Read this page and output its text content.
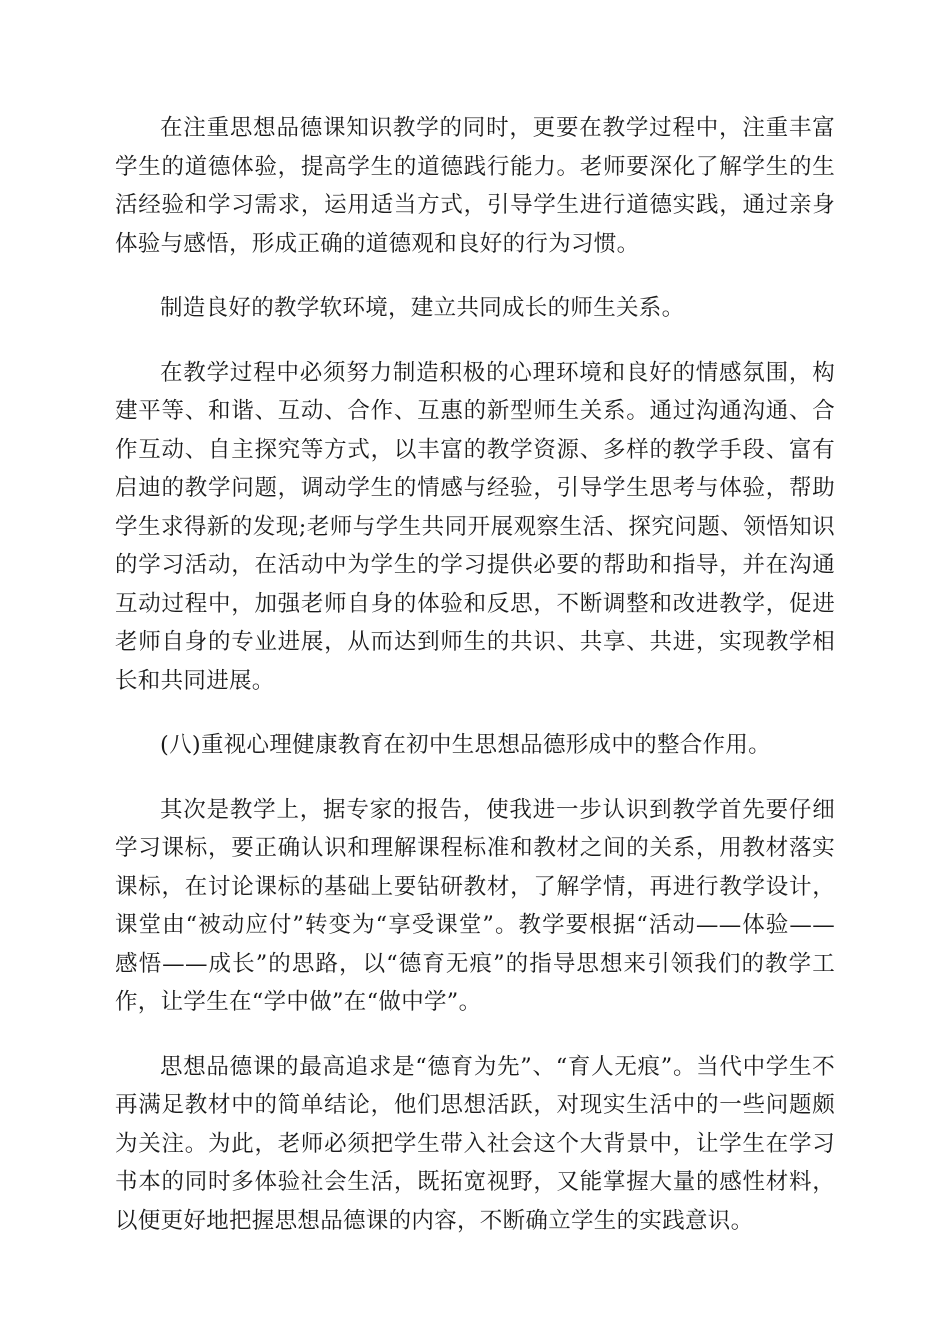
在注重思想品德课知识教学的同时，更要在教学过程中，注重丰富学生的道德体验，提高学生的道德践行能力。老师要深化了解学生的生活经验和学习需求，运用适当方式，引导学生进行道德实践，通过亲身体验与感悟，形成正确的道德观和良好的行为习惯。

制造良好的教学软环境，建立共同成长的师生关系。

在教学过程中必须努力制造积极的心理环境和良好的情感氛围，构建平等、和谐、互动、合作、互惠的新型师生关系。通过沟通沟通、合作互动、自主探究等方式，以丰富的教学资源、多样的教学手段、富有启迪的教学问题，调动学生的情感与经验，引导学生思考与体验，帮助学生求得新的发现;老师与学生共同开展观察生活、探究问题、领悟知识的学习活动，在活动中为学生的学习提供必要的帮助和指导，并在沟通互动过程中，加强老师自身的体验和反思，不断调整和改进教学，促进老师自身的专业进展，从而达到师生的共识、共享、共进，实现教学相长和共同进展。

(八)重视心理健康教育在初中生思想品德形成中的整合作用。

其次是教学上，据专家的报告，使我进一步认识到教学首先要仔细学习课标，要正确认识和理解课程标准和教材之间的关系，用教材落实课标，在讨论课标的基础上要钻研教材，了解学情，再进行教学设计，课堂由“被动应付”转变为“享受课堂”。教学要根据“活动——体验——感悟——成长”的思路，以“德育无痕”的指导思想来引领我们的教学工作，让学生在“学中做”在“做中学”。

思想品德课的最高追求是“德育为先”、“育人无痕”。当代中学生不再满足教材中的简单结论，他们思想活跃，对现实生活中的一些问题颇为关注。为此，老师必须把学生带入社会这个大背景中，让学生在学习书本的同时多体验社会生活，既拓宽视野，又能掌握大量的感性材料，以便更好地把握思想品德课的内容，不断确立学生的实践意识。
